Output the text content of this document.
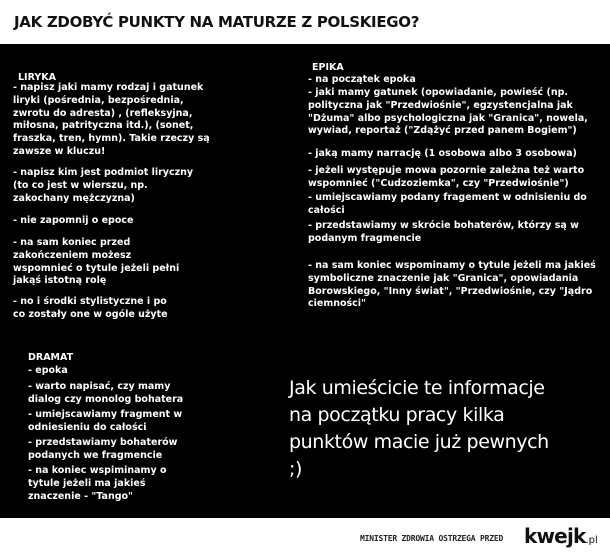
JAK ZDOBYĆ PUNKTY NA MATURZE Z POLSKIEGO?
LIRYKA
- napisz jaki mamy rodzaj i gatunek
liryki (pośrednia, bezpośrednia,
zwrotu do adresta) , (refleksyjna,
miłosna, patrityczna itd.), (sonet,
fraszka, tren, hymn). Takie rzeczy są
zawsze w kluczu!
- napisz kim jest podmiot liryczny
(to co jest w wierszu, np.
zakochany mężczyzna)
- nie zapomnij o epoce
- na sam koniec przed
zakończeniem możesz
wspomnieć o tytule jeżeli pełni
jakąś istotną rolę
- no i środki stylistyczne i po
co zostały one w ogóle użyte
EPIKA
- na początek epoka
- jaki mamy gatunek (opowiadanie, powieść (np.
polityczna jak "Przedwiośnie", egzystencjalna jak
"Dżuma" albo psychologiczna jak "Granica", nowela,
wywiad, reportaż ("Zdążyć przed panem Bogiem")
- jaką mamy narrację (1 osobowa albo 3 osobowa)
- jeżeli występuje mowa pozornie zależna też warto
wspomnieć ("Cudzoziemka", czy "Przedwiośnie")
- umiejscawiamy podany fragement w odnisieniu do
całości
- przedstawiamy w skrócie bohaterów, którzy są w
podanym fragmencie
- na sam koniec wspominamy o tytule jeżeli ma jakieś
symboliczne znaczenie jak "Granica", opowiadania
Borowskiego, "Inny świat", "Przedwiośnie, czy "Jądro
ciemności"
DRAMAT
- epoka
- warto napisać, czy mamy
dialog czy monolog bohatera
- umiejscawiamy fragment w
odniesieniu do całości
- przedstawiamy bohaterów
podanych we fragmencie
- na koniec wspiminamy o
tytule jeżeli ma jakieś
znaczenie - "Tango"
Jak umieścicie te informacje
na początku pracy kilka
punktów macie już pewnych
;)
MINISTER ZDROWIA OSTRZEGA PRZED kwejk.pl
